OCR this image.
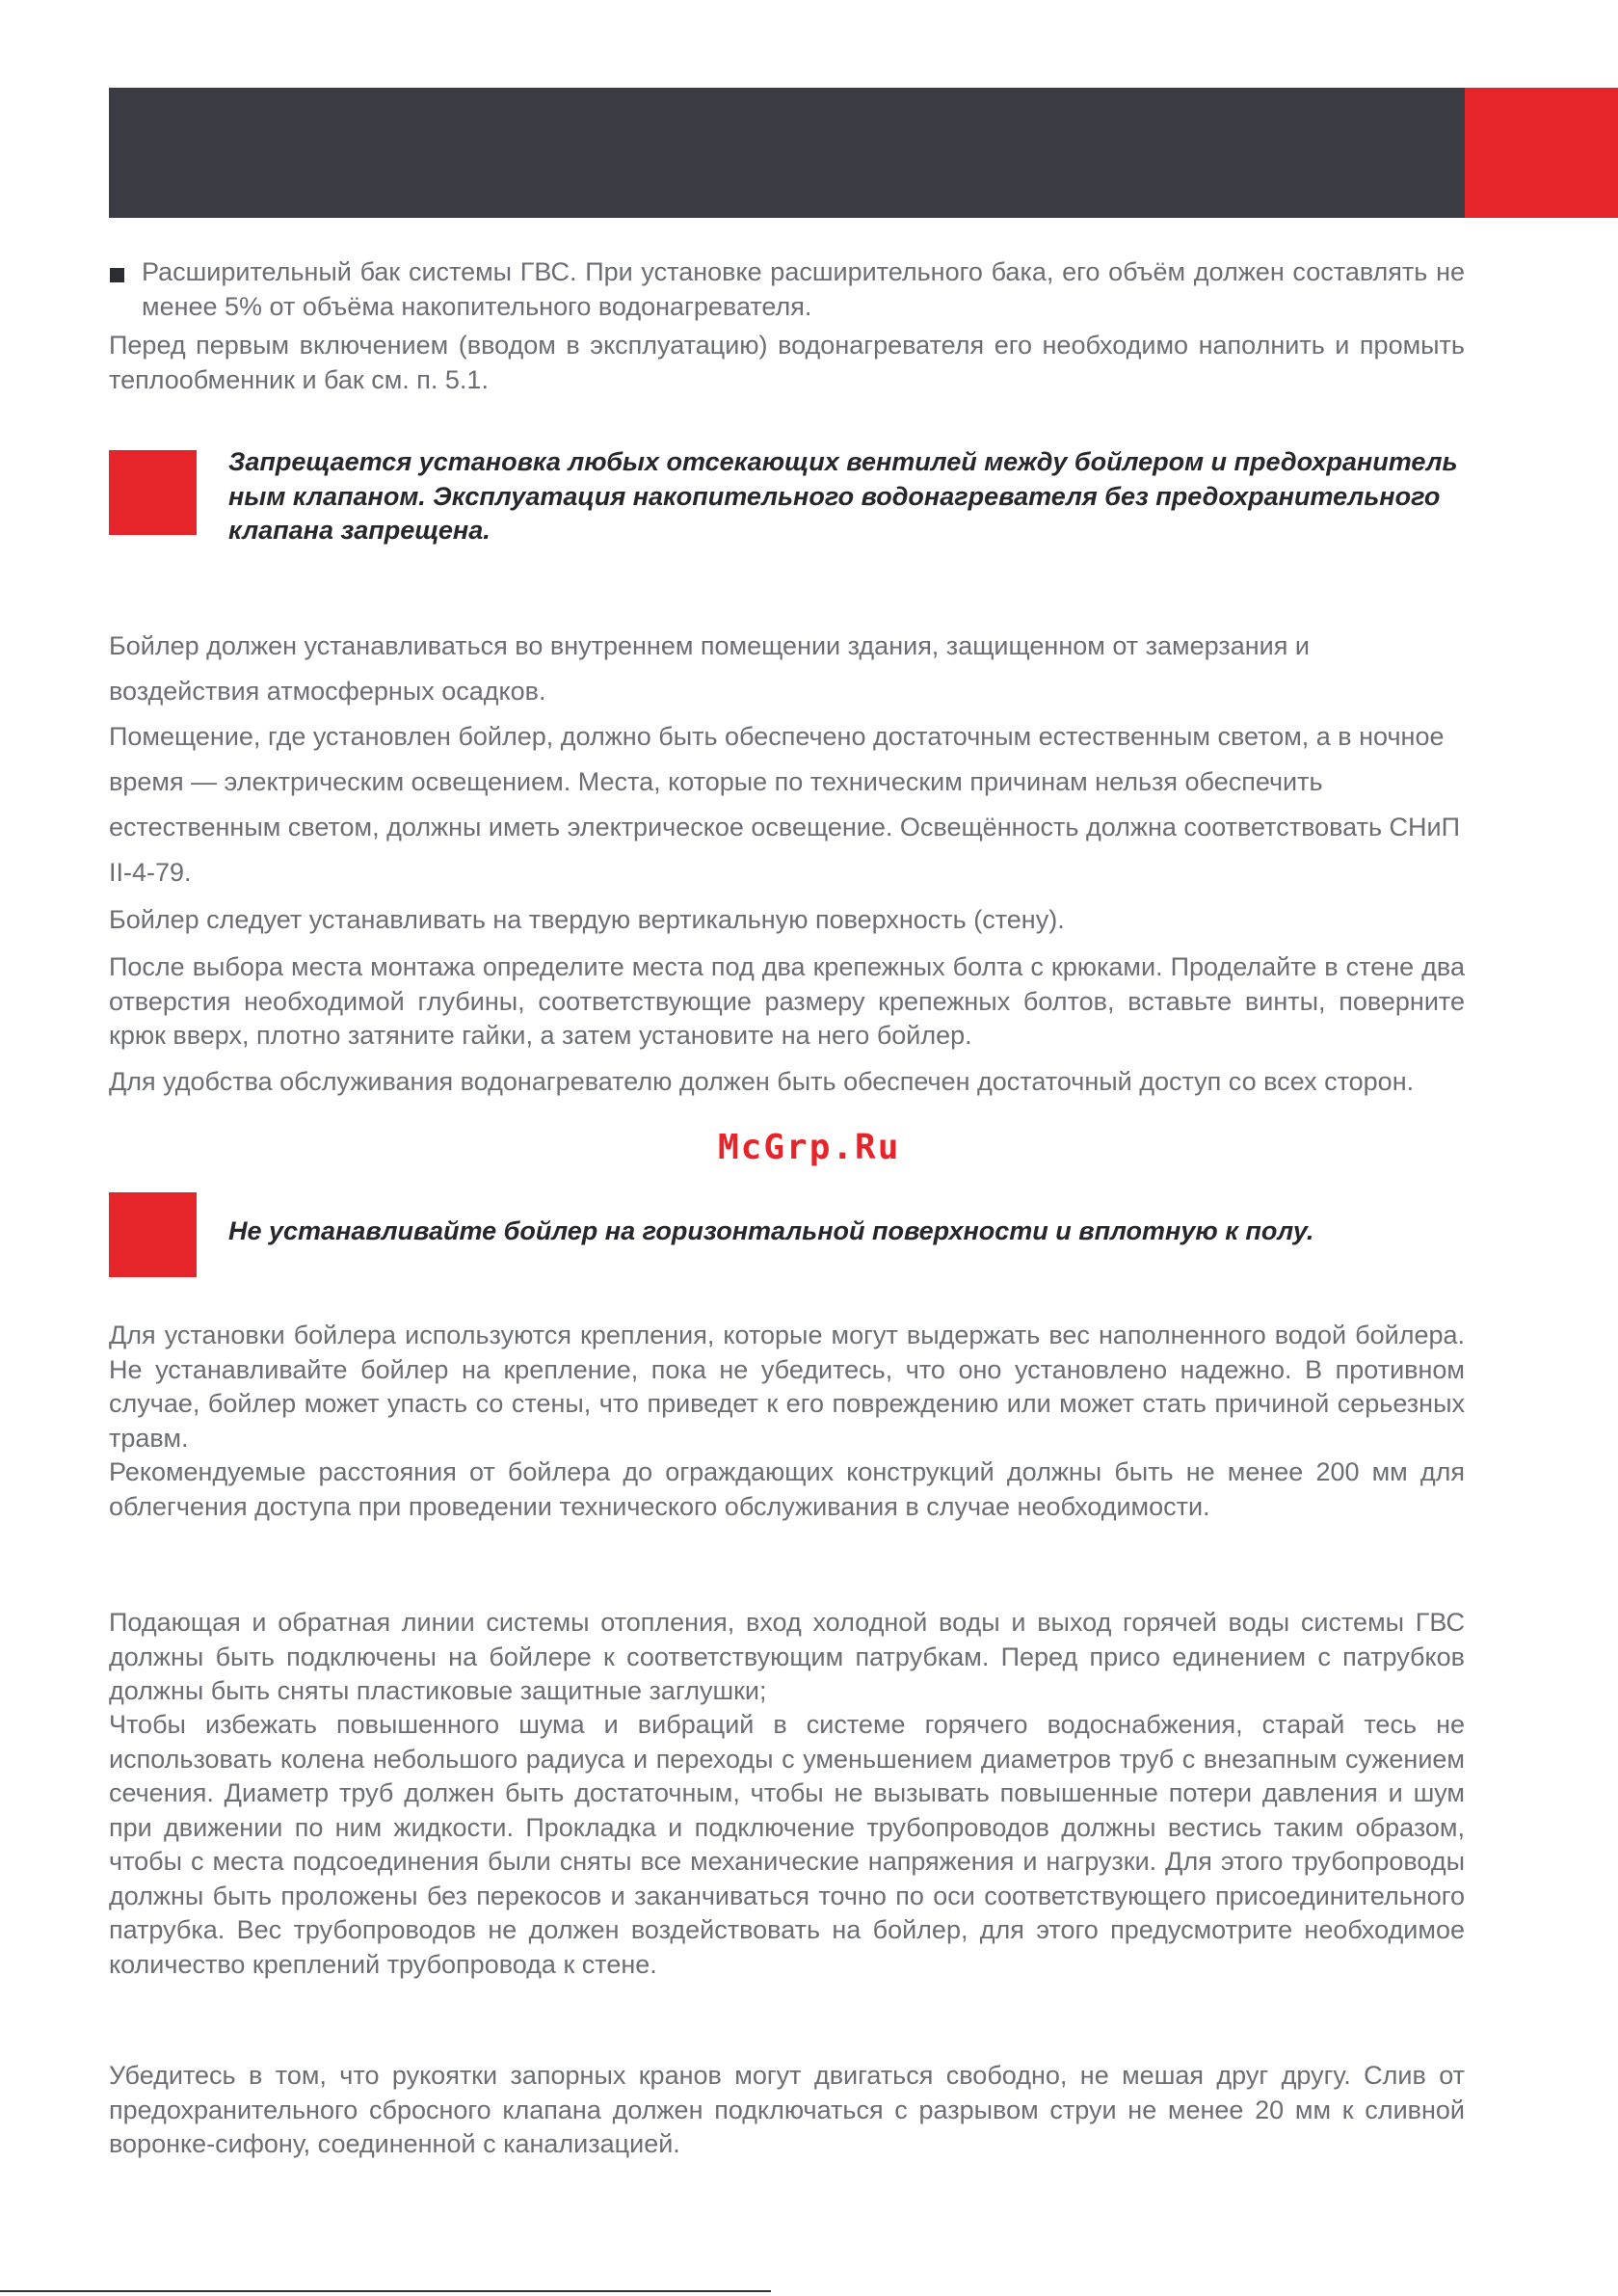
Расширительный бак системы ГВС. При установке расширительного бака, его объём должен составлять не менее 5% от объёма накопительного водонагревателя.

Перед первым включением (вводом в эксплуатацию) водонагревателя его необходимо наполнить и промыть теплообменник и бак см. п. 5.1.

Запрещается установка любых отсекающих вентилей между бойлером и предохранитель ным клапаном. Эксплуатация накопительного водонагревателя без предохранительного клапана запрещена.

Бойлер должен устанавливаться во внутреннем помещении здания, защищенном от замерзания и воздействия атмосферных осадков.

Помещение, где установлен бойлер, должно быть обеспечено достаточным естественным светом, а в ночное время — электрическим освещением. Места, которые по техническим причинам нельзя обеспечить естественным светом, должны иметь электрическое освещение. Освещённость должна соответствовать СНиП II-4-79.

Бойлер следует устанавливать на твердую вертикальную поверхность (стену).

После выбора места монтажа определите места под два крепежных болта с крюками. Проделайте в стене два отверстия необходимой глубины, соответствующие размеру крепежных болтов, вставьте винты, поверните крюк вверх, плотно затяните гайки, а затем установите на него бойлер.

Для удобства обслуживания водонагревателю должен быть обеспечен достаточный доступ со всех сторон.

McGrp.Ru

Не устанавливайте бойлер на горизонтальной поверхности и вплотную к полу.

Для установки бойлера используются крепления, которые могут выдержать вес наполненного водой бойлера. Не устанавливайте бойлер на крепление, пока не убедитесь, что оно установлено надежно. В противном случае, бойлер может упасть со стены, что приведет к его повреждению или может стать причиной серьезных травм.

Рекомендуемые расстояния от бойлера до ограждающих конструкций должны быть не менее 200 мм для облегчения доступа при проведении технического обслуживания в случае необходимости.

Подающая и обратная линии системы отопления, вход холодной воды и выход горячей воды системы ГВС должны быть подключены на бойлере к соответствующим патрубкам. Перед присо единением с патрубков должны быть сняты пластиковые защитные заглушки;

Чтобы избежать повышенного шума и вибраций в системе горячего водоснабжения, старай тесь не использовать колена небольшого радиуса и переходы с уменьшением диаметров труб с внезапным сужением сечения. Диаметр труб должен быть достаточным, чтобы не вызывать повышенные потери давления и шум при движении по ним жидкости. Прокладка и подключение трубопроводов должны вестись таким образом, чтобы с места подсоединения были сняты все механические напряжения и нагрузки. Для этого трубопроводы должны быть проложены без перекосов и заканчиваться точно по оси соответствующего присоединительного патрубка. Вес трубопроводов не должен воздействовать на бойлер, для этого предусмотрите необходимое количество креплений трубопровода к стене.

Убедитесь в том, что рукоятки запорных кранов могут двигаться свободно, не мешая друг другу. Слив от предохранительного сбросного клапана должен подключаться с разрывом струи не менее 20 мм к сливной воронке-сифону, соединенной с канализацией.
